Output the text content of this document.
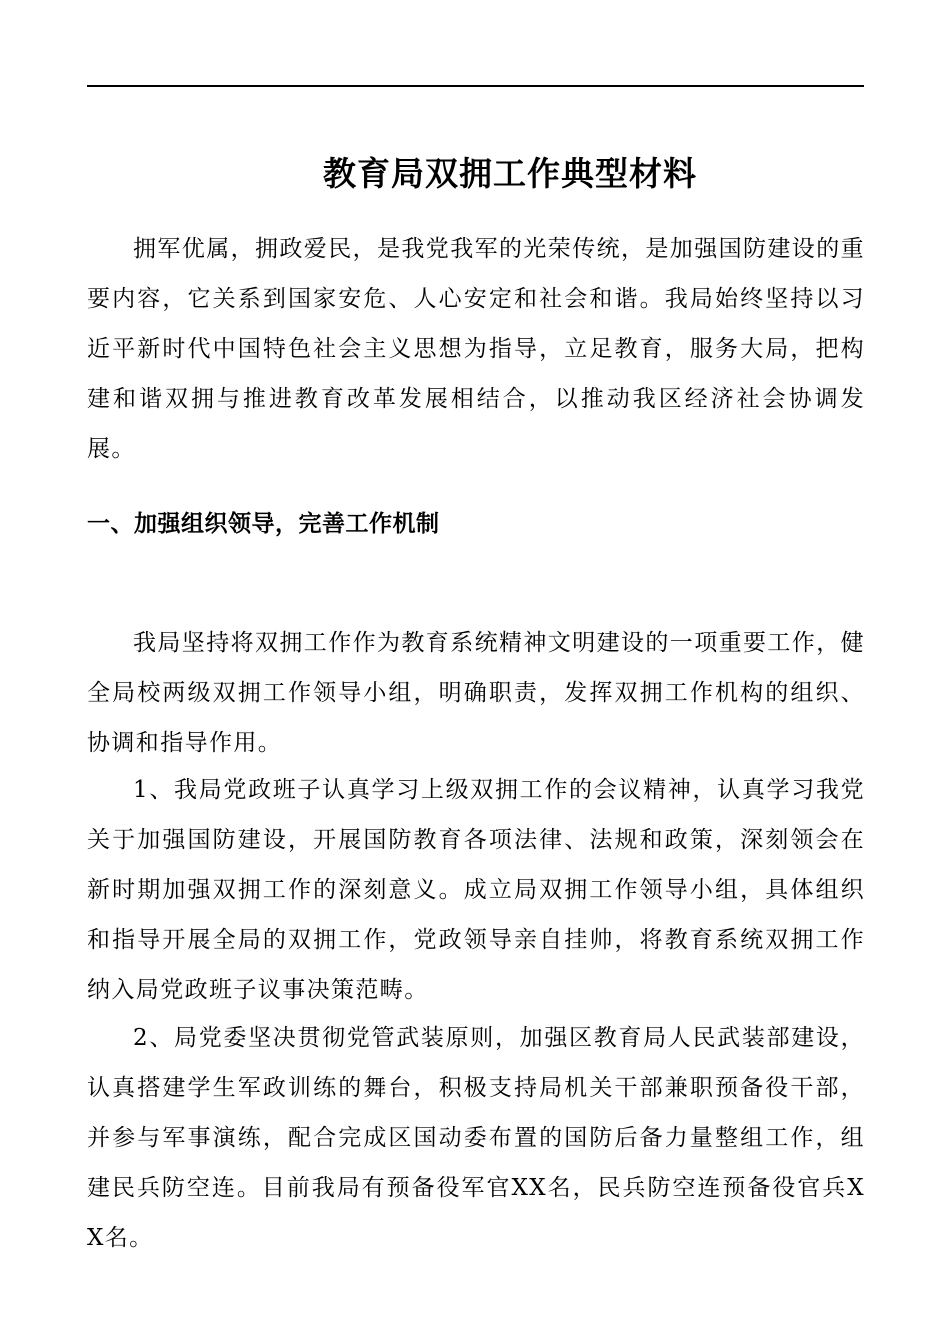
教育局双拥工作典型材料

拥军优属，拥政爱民，是我党我军的光荣传统，是加强国防建设的重要内容，它关系到国家安危、人心安定和社会和谐。我局始终坚持以习近平新时代中国特色社会主义思想为指导，立足教育，服务大局，把构建和谐双拥与推进教育改革发展相结合，以推动我区经济社会协调发展。

一、加强组织领导，完善工作机制

我局坚持将双拥工作作为教育系统精神文明建设的一项重要工作，健全局校两级双拥工作领导小组，明确职责，发挥双拥工作机构的组织、协调和指导作用。

1、我局党政班子认真学习上级双拥工作的会议精神，认真学习我党关于加强国防建设，开展国防教育各项法律、法规和政策，深刻领会在新时期加强双拥工作的深刻意义。成立局双拥工作领导小组，具体组织和指导开展全局的双拥工作，党政领导亲自挂帅，将教育系统双拥工作纳入局党政班子议事决策范畴。

2、局党委坚决贯彻党管武装原则，加强区教育局人民武装部建设，认真搭建学生军政训练的舞台，积极支持局机关干部兼职预备役干部，并参与军事演练，配合完成区国动委布置的国防后备力量整组工作，组建民兵防空连。目前我局有预备役军官XX名，民兵防空连预备役官兵XX名。
